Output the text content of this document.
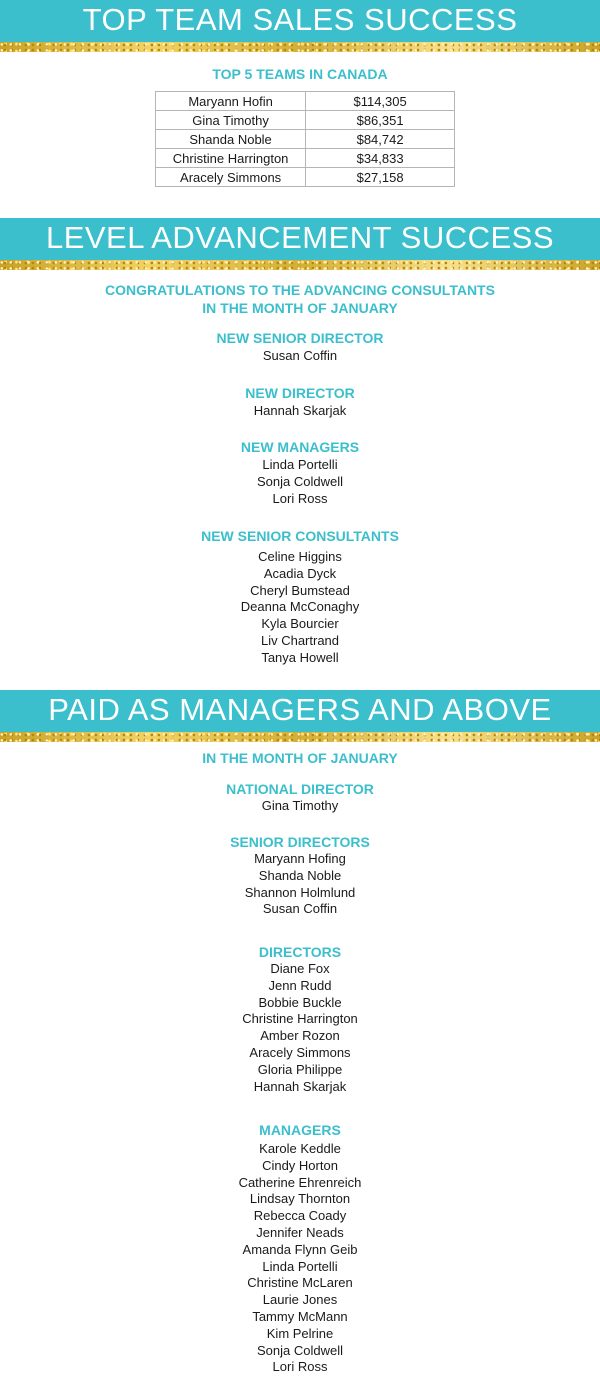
TOP TEAM SALES SUCCESS
TOP 5 TEAMS IN CANADA
Maryann Hofin	$114,305
Gina Timothy	$86,351
Shanda Noble	$84,742
Christine Harrington	$34,833
Aracely Simmons	$27,158
LEVEL ADVANCEMENT SUCCESS
CONGRATULATIONS TO THE ADVANCING CONSULTANTS
IN THE MONTH OF JANUARY
NEW SENIOR DIRECTOR
Susan Coffin
NEW DIRECTOR
Hannah Skarjak
NEW MANAGERS
Linda Portelli
Sonja Coldwell
Lori Ross
NEW SENIOR CONSULTANTS
Celine Higgins
Acadia Dyck
Cheryl Bumstead
Deanna McConaghy
Kyla Bourcier
Liv Chartrand
Tanya Howell
PAID AS MANAGERS AND ABOVE
IN THE MONTH OF JANUARY
NATIONAL DIRECTOR
Gina Timothy
SENIOR DIRECTORS
Maryann Hofing
Shanda Noble
Shannon Holmlund
Susan Coffin
DIRECTORS
Diane Fox
Jenn Rudd
Bobbie Buckle
Christine Harrington
Amber Rozon
Aracely Simmons
Gloria Philippe
Hannah Skarjak
MANAGERS
Karole Keddle
Cindy Horton
Catherine Ehrenreich
Lindsay Thornton
Rebecca Coady
Jennifer Neads
Amanda Flynn Geib
Linda Portelli
Christine McLaren
Laurie Jones
Tammy McMann
Kim Pelrine
Sonja Coldwell
Lori Ross
